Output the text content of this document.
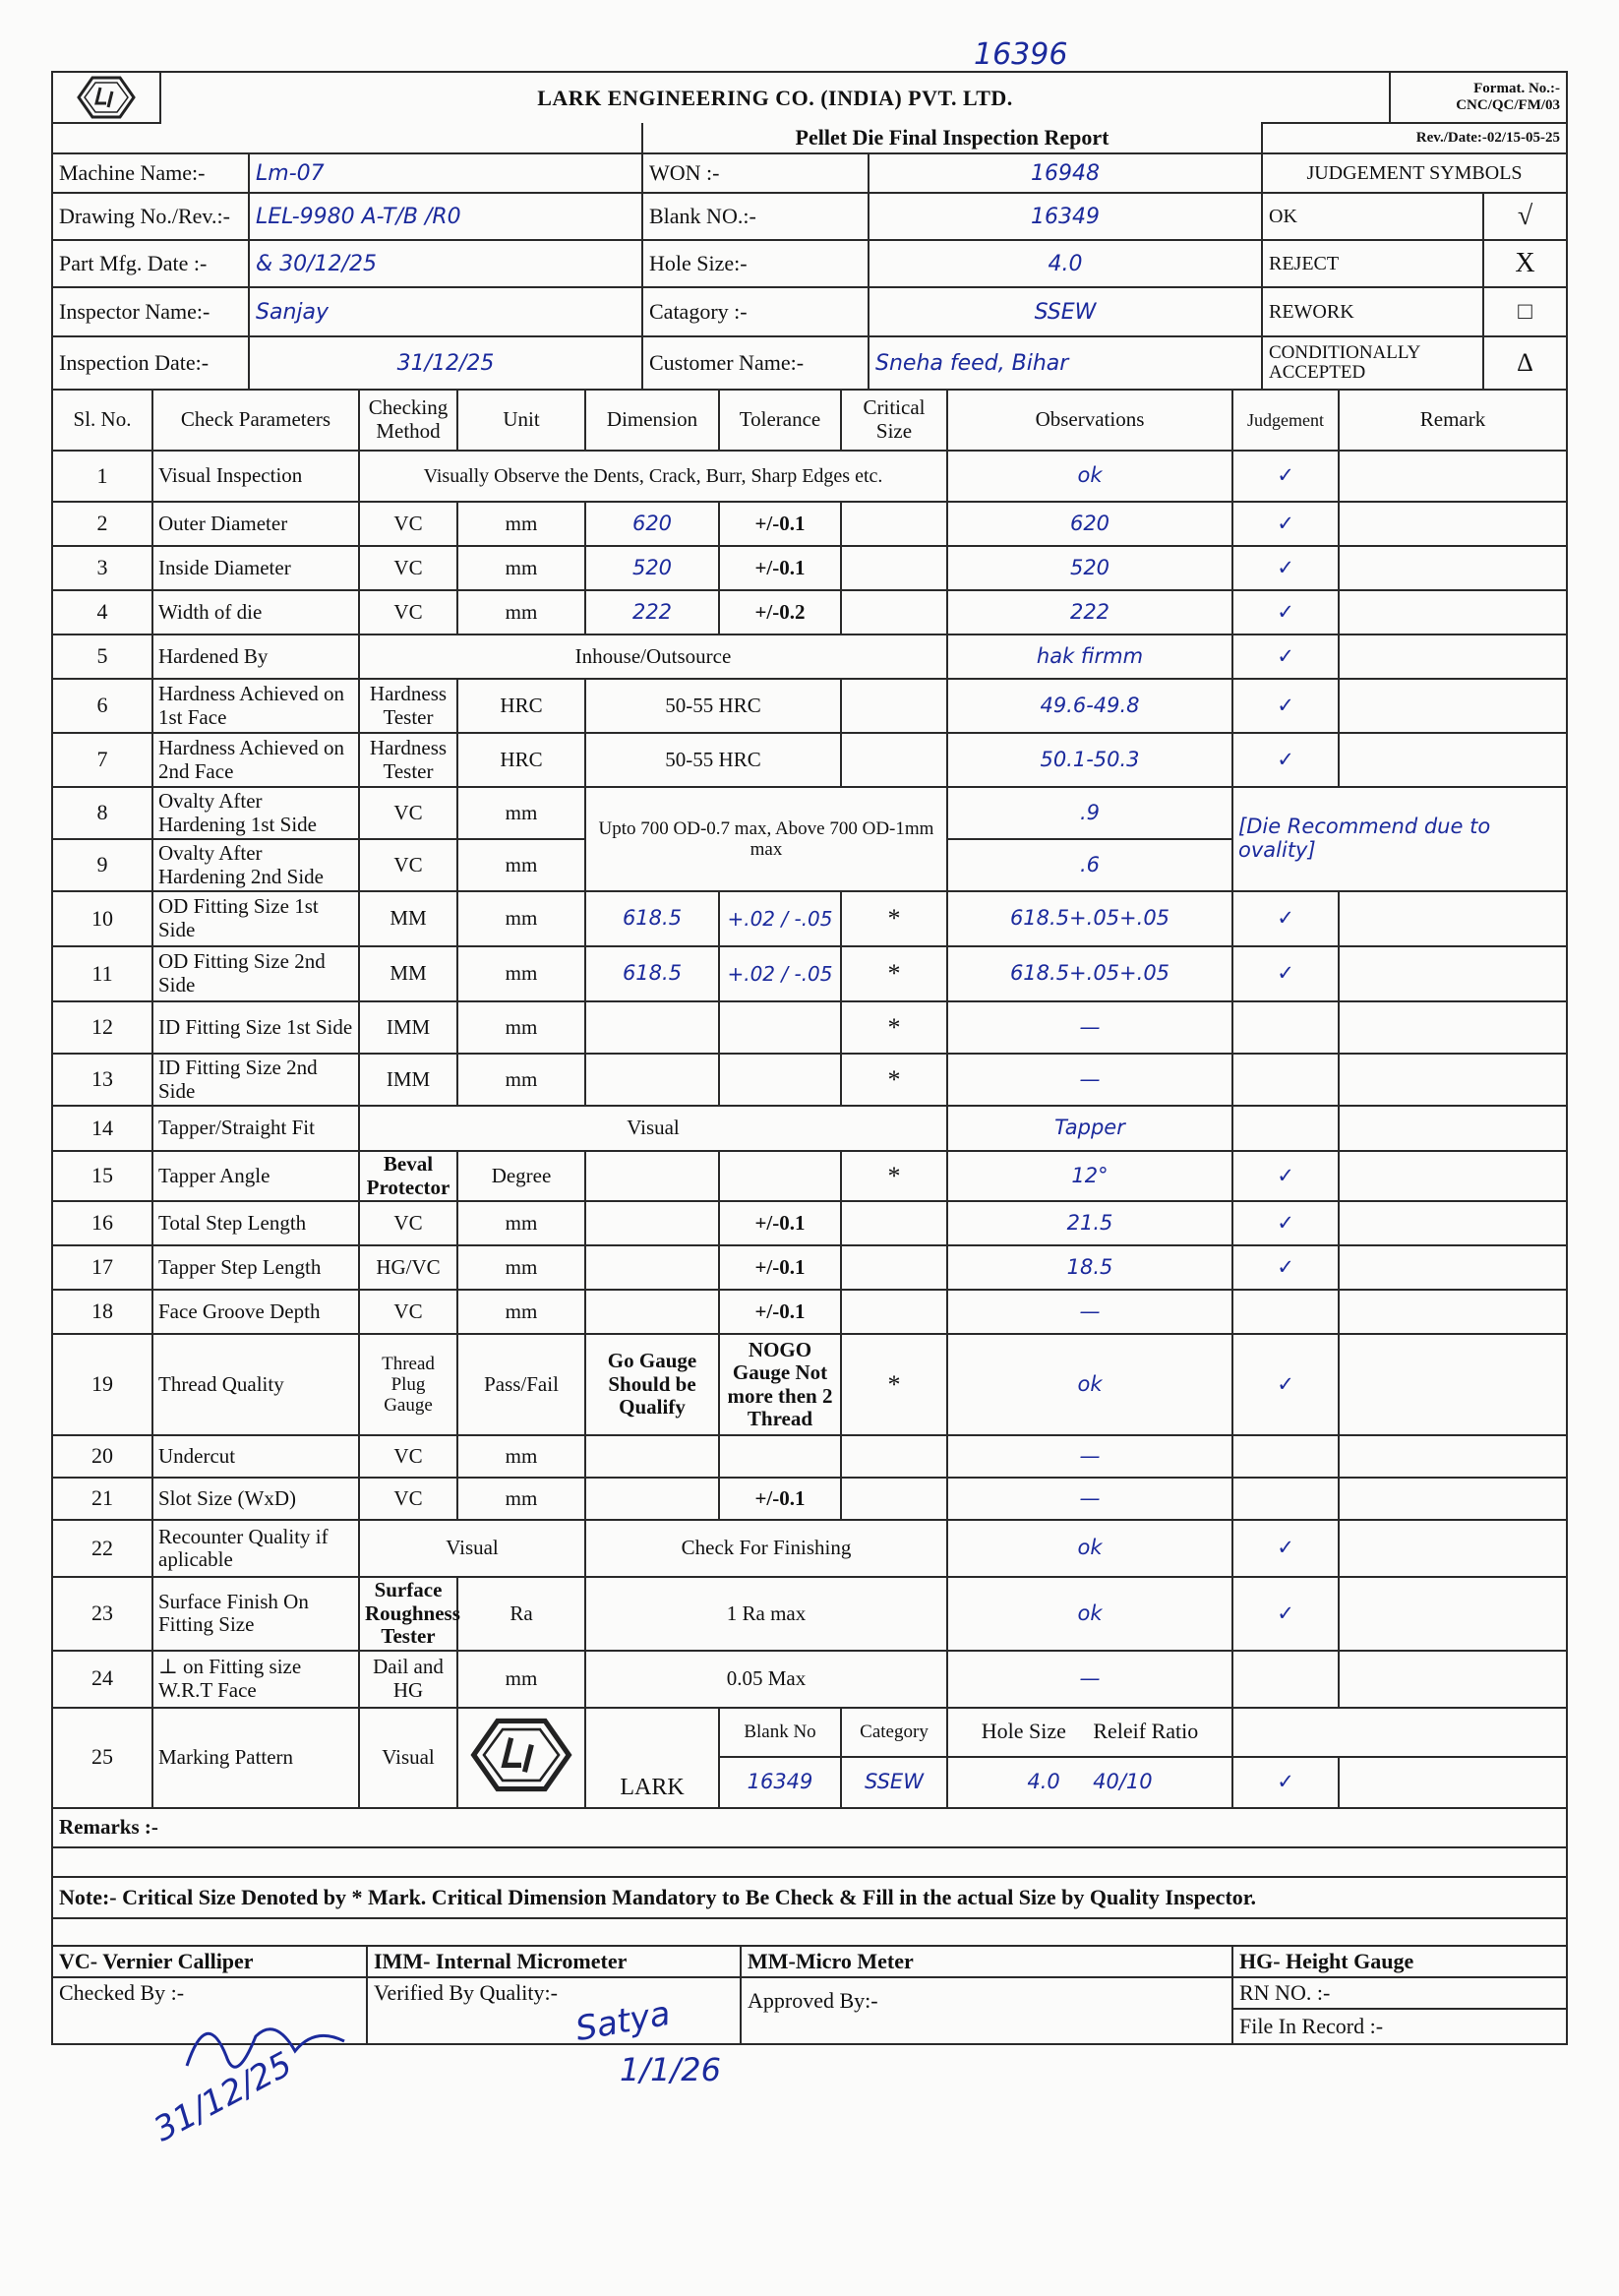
16396
	LARK ENGINEERING CO. (INDIA) PVT. LTD.	Format. No.:-CNC/QC/FM/03
		Pellet Die Final Inspection Report		Rev./Date:-02/15-05-25	
Machine Name:-	Lm-07	WON :-	16948	JUDGEMENT SYMBOLS	
Drawing No./Rev.:-	LEL-9980 A-T/B /R0	Blank NO.:-	16349	OK	√
Part Mfg. Date :-	& 30/12/25	Hole Size:-	4.0	REJECT	X
Inspector Name:-	Sanjay	Catagory :-	SSEW	REWORK	□
Inspection Date:-	31/12/25	Customer Name:-	Sneha feed, Bihar	CONDITIONALLY ACCEPTED	Δ
Sl. No.	Check Parameters	Checking Method	Unit	Dimension	Tolerance	Critical Size	Observations	Judgement	Remark
1	Visual Inspection	Visually Observe the Dents, Crack, Burr, Sharp Edges etc.					ok	✓	
2	Outer Diameter	VC	mm	620	+/-0.1		620	✓	
3	Inside Diameter	VC	mm	520	+/-0.1		520	✓	
4	Width of die	VC	mm	222	+/-0.2		222	✓	
5	Hardened By	Inhouse/Outsource					hak firmm	✓	
6	Hardness Achieved on 1st Face	Hardness Tester	HRC	50-55 HRC			49.6-49.8	✓	
7	Hardness Achieved on 2nd Face	Hardness Tester	HRC	50-55 HRC			50.1-50.3	✓	
8	Ovalty After Hardening 1st Side	VC	mm	Upto 700 OD-0.7 max, Above 700 OD-1mm max			.9	[Die Recommend due to ovality]	
9	Ovalty After Hardening 2nd Side	VC	mm				.6		
10	OD Fitting Size 1st Side	MM	mm	618.5	+.02 / -.05	*	618.5+.05+.05	✓	
11	OD Fitting Size 2nd Side	MM	mm	618.5	+.02 / -.05	*	618.5+.05+.05	✓	
12	ID Fitting Size 1st Side	IMM	mm			*	—		
13	ID Fitting Size 2nd Side	IMM	mm			*	—		
14	Tapper/Straight Fit	Visual					Tapper		
15	Tapper Angle	Beval Protector	Degree			*	12°	✓	
16	Total Step Length	VC	mm		+/-0.1		21.5	✓	
17	Tapper Step Length	HG/VC	mm		+/-0.1		18.5	✓	
18	Face Groove Depth	VC	mm		+/-0.1		—		
19	Thread Quality	Thread Plug Gauge	Pass/Fail	Go Gauge Should be Qualify	NOGO Gauge Not more then 2 Thread	*	ok	✓	
20	Undercut	VC	mm				—		
21	Slot Size (WxD)	VC	mm		+/-0.1		—		
22	Recounter Quality if aplicable	Visual		Check For Finishing			ok	✓	
23	Surface Finish On Fitting Size	Surface Roughness Tester	Ra	1 Ra max			ok	✓	
24	⊥ on Fitting size W.R.T Face	Dail and HG	mm	0.05 Max			—		
25	Marking Pattern	Visual		LARK	Blank No	Category	Hole Size Releif Ratio		
					16349	SSEW	4.0 40/10	✓	
Remarks :-			

Note:- Critical Size Denoted by * Mark. Critical Dimension Mandatory to Be Check & Fill in the actual Size by Quality Inspector.			

VC- Vernier Calliper	IMM- Internal Micrometer	MM-Micro Meter	HG- Height Gauge
Checked By :-	Verified By Quality:-	Approved By:-	RN NO. :-
			File In Record :-
31/12/25
Satya
1/1/26
